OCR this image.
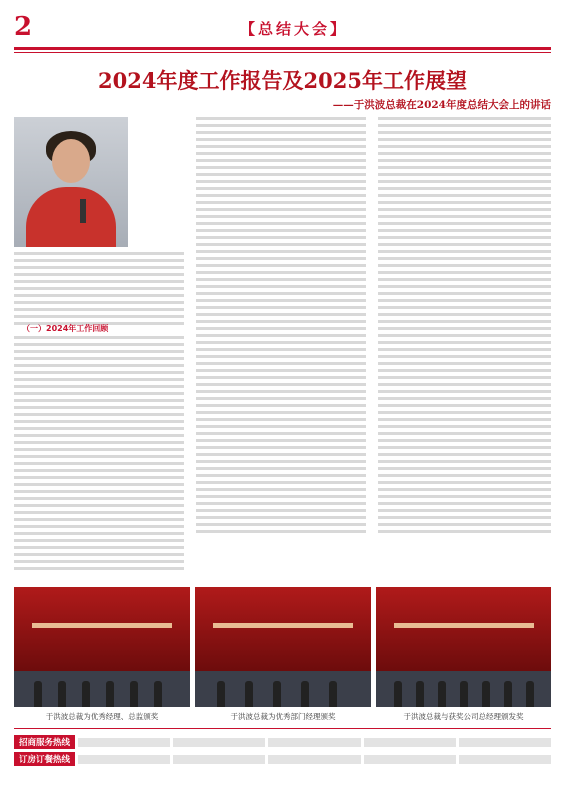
2	【总结大会】
2024年度工作报告及2025年工作展望
——于洪波总裁在2024年度总结大会上的讲话
（一）2024年工作回顾
于洪波总裁为优秀经理、总监颁奖	于洪波总裁为优秀部门经理颁奖	于洪波总裁与获奖公司总经理颁发奖
招商服务热线
订房订餐热线
